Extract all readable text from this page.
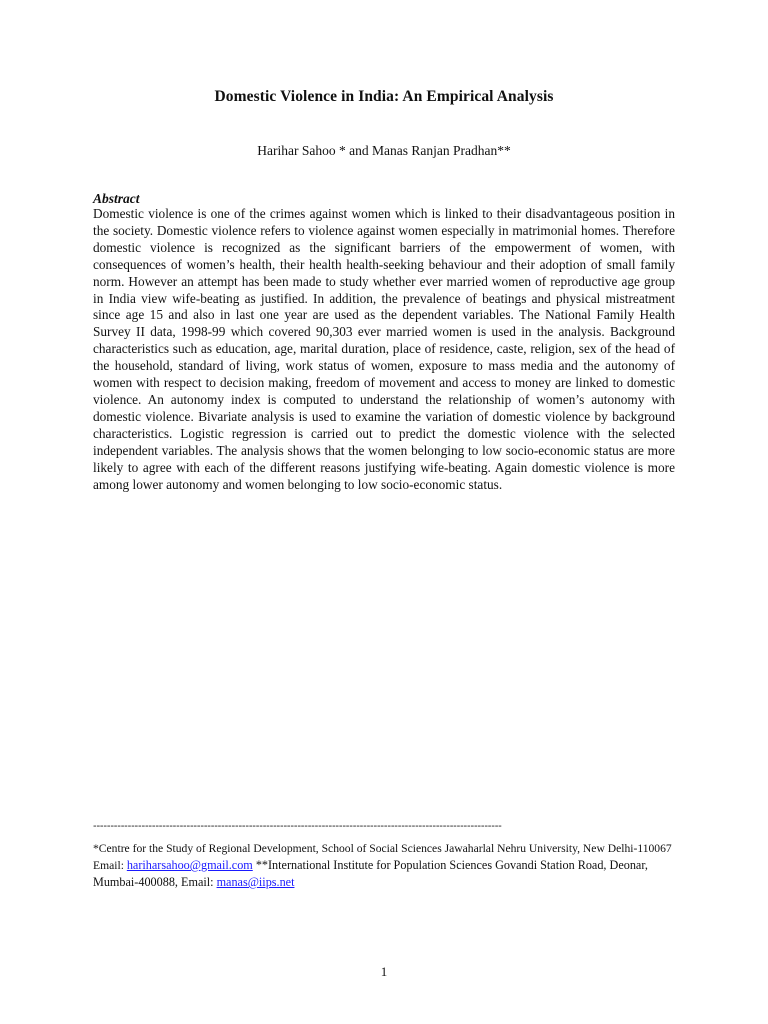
Domestic Violence in India: An Empirical Analysis
Harihar Sahoo * and Manas Ranjan Pradhan**
Abstract
Domestic violence is one of the crimes against women which is linked to their disadvantageous position in the society. Domestic violence refers to violence against women especially in matrimonial homes. Therefore domestic violence is recognized as the significant barriers of the empowerment of women, with consequences of women’s health, their health health-seeking behaviour and their adoption of small family norm. However an attempt has been made to study whether ever married women of reproductive age group in India view wife-beating as justified. In addition, the prevalence of beatings and physical mistreatment since age 15 and also in last one year are used as the dependent variables. The National Family Health Survey II data, 1998-99 which covered 90,303 ever married women is used in the analysis. Background characteristics such as education, age, marital duration, place of residence, caste, religion, sex of the head of the household, standard of living, work status of women, exposure to mass media and the autonomy of women with respect to decision making, freedom of movement and access to money are linked to domestic violence. An autonomy index is computed to understand the relationship of women’s autonomy with domestic violence. Bivariate analysis is used to examine the variation of domestic violence by background characteristics. Logistic regression is carried out to predict the domestic violence with the selected independent variables. The analysis shows that the women belonging to low socio-economic status are more likely to agree with each of the different reasons justifying wife-beating. Again domestic violence is more among lower autonomy and women belonging to low socio-economic status.
----------------------------------------------------------------------------------------------------------------------
*Centre for the Study of Regional Development, School of Social Sciences Jawaharlal Nehru University, New Delhi-110067 Email: hariharsahoo@gmail.com **International Institute for Population Sciences Govandi Station Road, Deonar, Mumbai-400088, Email: manas@iips.net
1
